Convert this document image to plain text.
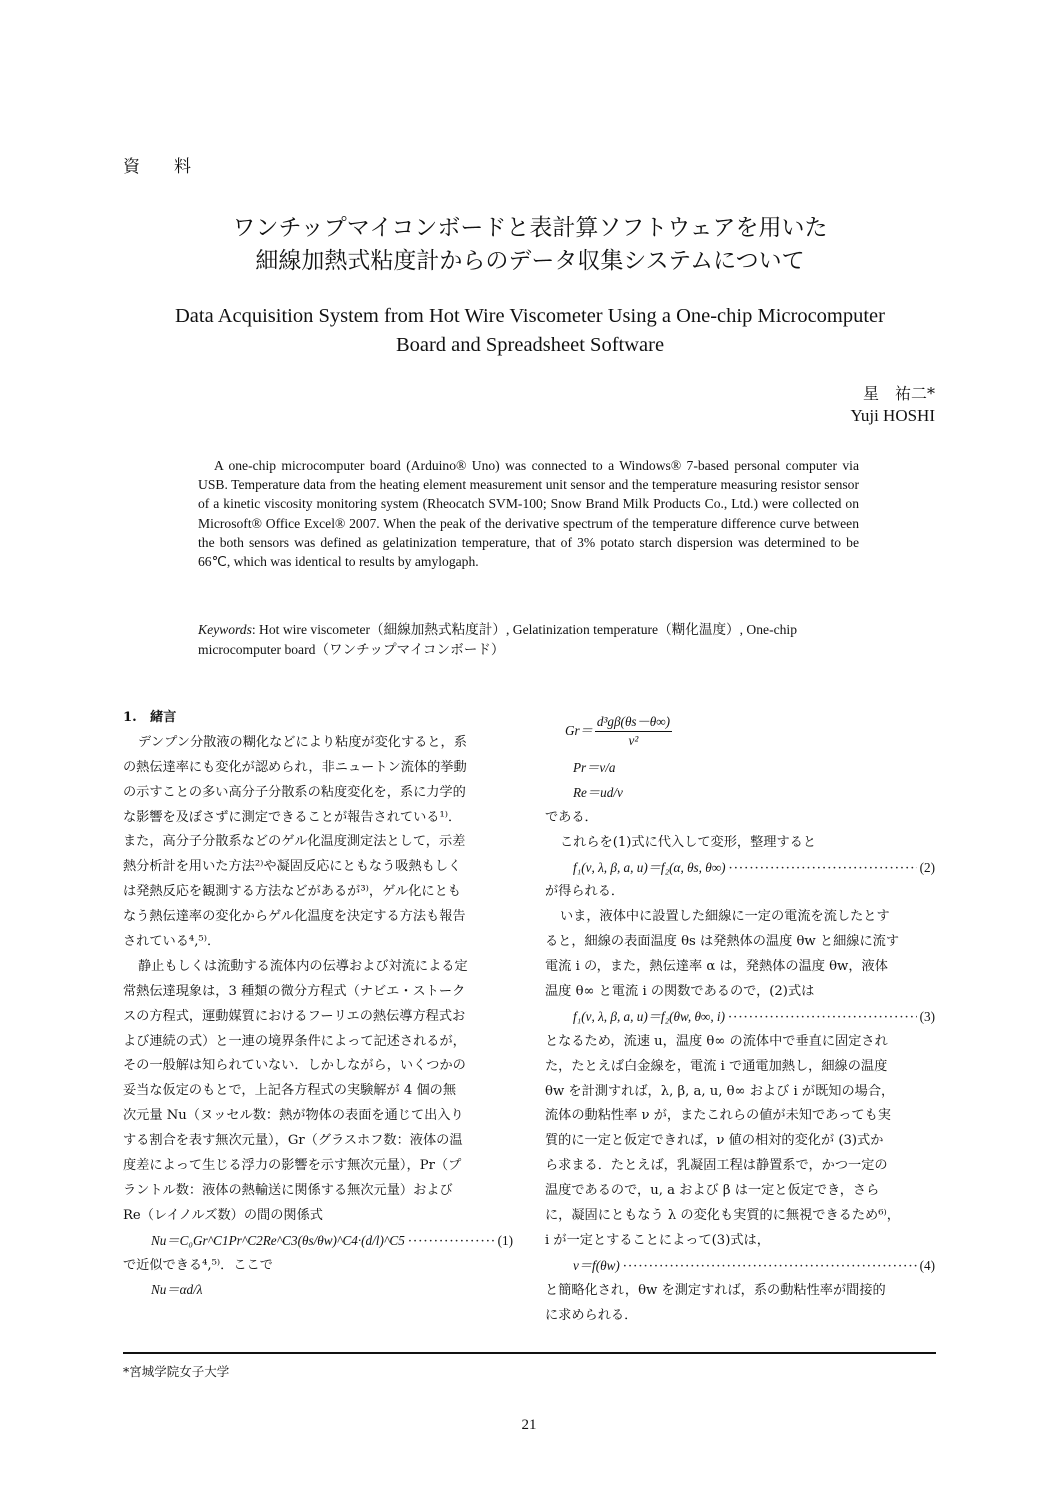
資料
ワンチップマイコンボードと表計算ソフトウェアを用いた
細線加熱式粘度計からのデータ収集システムについて
Data Acquisition System from Hot Wire Viscometer Using a One-chip Microcomputer
Board and Spreadsheet Software
星　祐二*
Yuji HOSHI

A one-chip microcomputer board (Arduino® Uno) was connected to a Windows® 7-based personal computer via USB. Temperature data from the heating element measurement unit sensor and the temperature measuring resistor sensor of a kinetic viscosity monitoring system (Rheocatch SVM-100; Snow Brand Milk Products Co., Ltd.) were collected on Microsoft® Office Excel® 2007. When the peak of the derivative spectrum of the temperature difference curve between the both sensors was defined as gelatinization temperature, that of 3% potato starch dispersion was determined to be 66℃, which was identical to results by amylogaph.

Keywords: Hot wire viscometer（細線加熱式粘度計）, Gelatinization temperature（糊化温度）, One-chip microcomputer board（ワンチップマイコンボード）
1.　緒言
デンプン分散液の糊化などにより粘度が変化すると，系
の熱伝達率にも変化が認められ，非ニュートン流体的挙動
の示すことの多い高分子分散系の粘度変化を，系に力学的
な影響を及ぼさずに測定できることが報告されている¹⁾．
また，高分子分散系などのゲル化温度測定法として，示差
熱分析計を用いた方法²⁾や凝固反応にともなう吸熱もしく
は発熱反応を観測する方法などがあるが³⁾，ゲル化にとも
なう熱伝達率の変化からゲル化温度を決定する方法も報告
されている⁴,⁵⁾．
静止もしくは流動する流体内の伝導および対流による定
常熱伝達現象は，3 種類の微分方程式（ナビエ・ストーク
スの方程式，運動媒質におけるフーリエの熱伝導方程式お
よび連続の式）と一連の境界条件によって記述されるが，
その一般解は知られていない．しかしながら，いくつかの
妥当な仮定のもとで，上記各方程式の実験解が 4 個の無
次元量 Nu（ヌッセル数：熱が物体の表面を通じて出入り
する割合を表す無次元量），Gr（グラスホフ数：液体の温
度差によって生じる浮力の影響を示す無次元量），Pr（プ
ラントル数：液体の熱輸送に関係する無次元量）および
Re（レイノルズ数）の間の関係式
Nu＝C₀Gr^C1Pr^C2Re^C3(θs/θw)^C4·(d/l)^C5 ·····	(1)
で近似できる⁴,⁵⁾．ここで
Nu＝αd/λ
$Gr= \frac{\text{d³gβ(θs－θ∞)}}{\text{ν²}}$
Pr＝ν/a
Re＝ud/ν
である．
これらを(1)式に代入して変形，整理すると
f₁(ν, λ, β, a, u)＝f₂(α, θs, θ∞) ·····	(2)
が得られる．
いま，液体中に設置した細線に一定の電流を流したとす
ると，細線の表面温度 θs は発熱体の温度 θw と細線に流す
電流 i の，また，熱伝達率 α は，発熱体の温度 θw，液体
温度 θ∞ と電流 i の関数であるので，(2)式は
f₁(ν, λ, β, a, u)＝f₂(θw, θ∞, i) ·····	(3)
となるため，流速 u，温度 θ∞ の流体中で垂直に固定され
た，たとえば白金線を，電流 i で通電加熱し，細線の温度
θw を計測すれば，λ, β, a, u, θ∞ および i が既知の場合，
流体の動粘性率 ν が，またこれらの値が未知であっても実
質的に一定と仮定できれば，ν 値の相対的変化が (3)式か
ら求まる．たとえば，乳凝固工程は静置系で，かつ一定の
温度であるので，u, a および β は一定と仮定でき，さら
に，凝固にともなう λ の変化も実質的に無視できるため⁶⁾，
i が一定とすることによって(3)式は，
ν＝f(θw) ·····	(4)
と簡略化され，θw を測定すれば，系の動粘性率が間接的
に求められる．
*宮城学院女子大学
21
